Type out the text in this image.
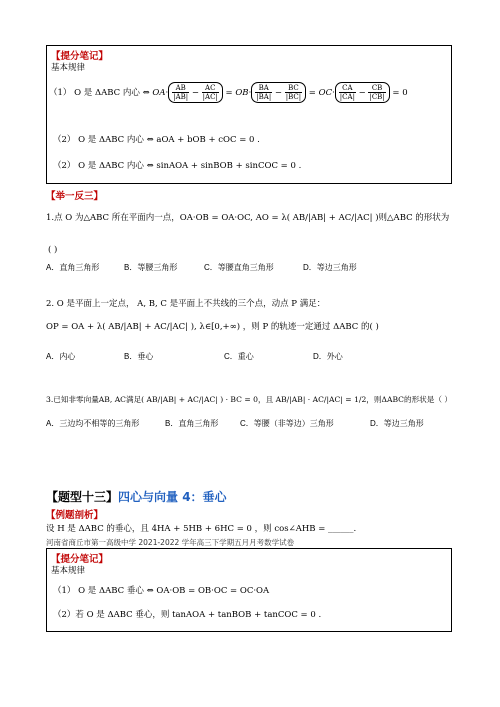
【提分笔记】
基本规律
（1） O 是 ΔABC 内心 ⇔ $OA\cdot \frac{AB}{|AB|} - \frac{AC}{|AC|} = OB\cdot \frac{BA}{|BA|} - \frac{BC}{|BC|} = OC\cdot \frac{CA}{|CA|} - \frac{CB}{|CB|} = 0$
（2） O 是 ΔABC 内心 ⇔ aOA + bOB + cOC = 0 .
（2） O 是 ΔABC 内心 ⇔ sinAOA + sinBOB + sinCOC = 0 .
【举一反三】
1.点 O 为△ABC 所在平面内一点，OA·OB = OA·OC, AO = λ( AB/|AB| + AC/|AC| )则△ABC 的形状为
( )
A．直角三角形	B．等腰三角形	C．等腰直角三角形	D．等边三角形
2. O 是平面上一定点， A, B, C 是平面上不共线的三个点，动点 P 满足：
OP = OA + λ( AB/|AB| + AC/|AC| ), λ∈[0,+∞) ，则 P 的轨迹一定通过 ΔABC 的( )
A．内心	B．垂心	C．重心	D．外心
3.已知非零向量AB, AC满足( AB/|AB| + AC/|AC| ) · BC = 0，且 AB/|AB| · AC/|AC| = 1/2，则ΔABC的形状是（ ）
A．三边均不相等的三角形	B．直角三角形	C．等腰（非等边）三角形	D．等边三角形
【题型十三】四心与向量 4：垂心
【例题剖析】
设 H 是 ΔABC 的垂心，且 4HA + 5HB + 6HC = 0 ，则 cos∠AHB = ______.
河南省商丘市第一高级中学 2021-2022 学年高三下学期五月月考数学试卷
【提分笔记】
基本规律
（1） O 是 ΔABC 垂心 ⇔ OA·OB = OB·OC = OC·OA
（2）若 O 是 ΔABC 垂心，则 tanAOA + tanBOB + tanCOC = 0 .
